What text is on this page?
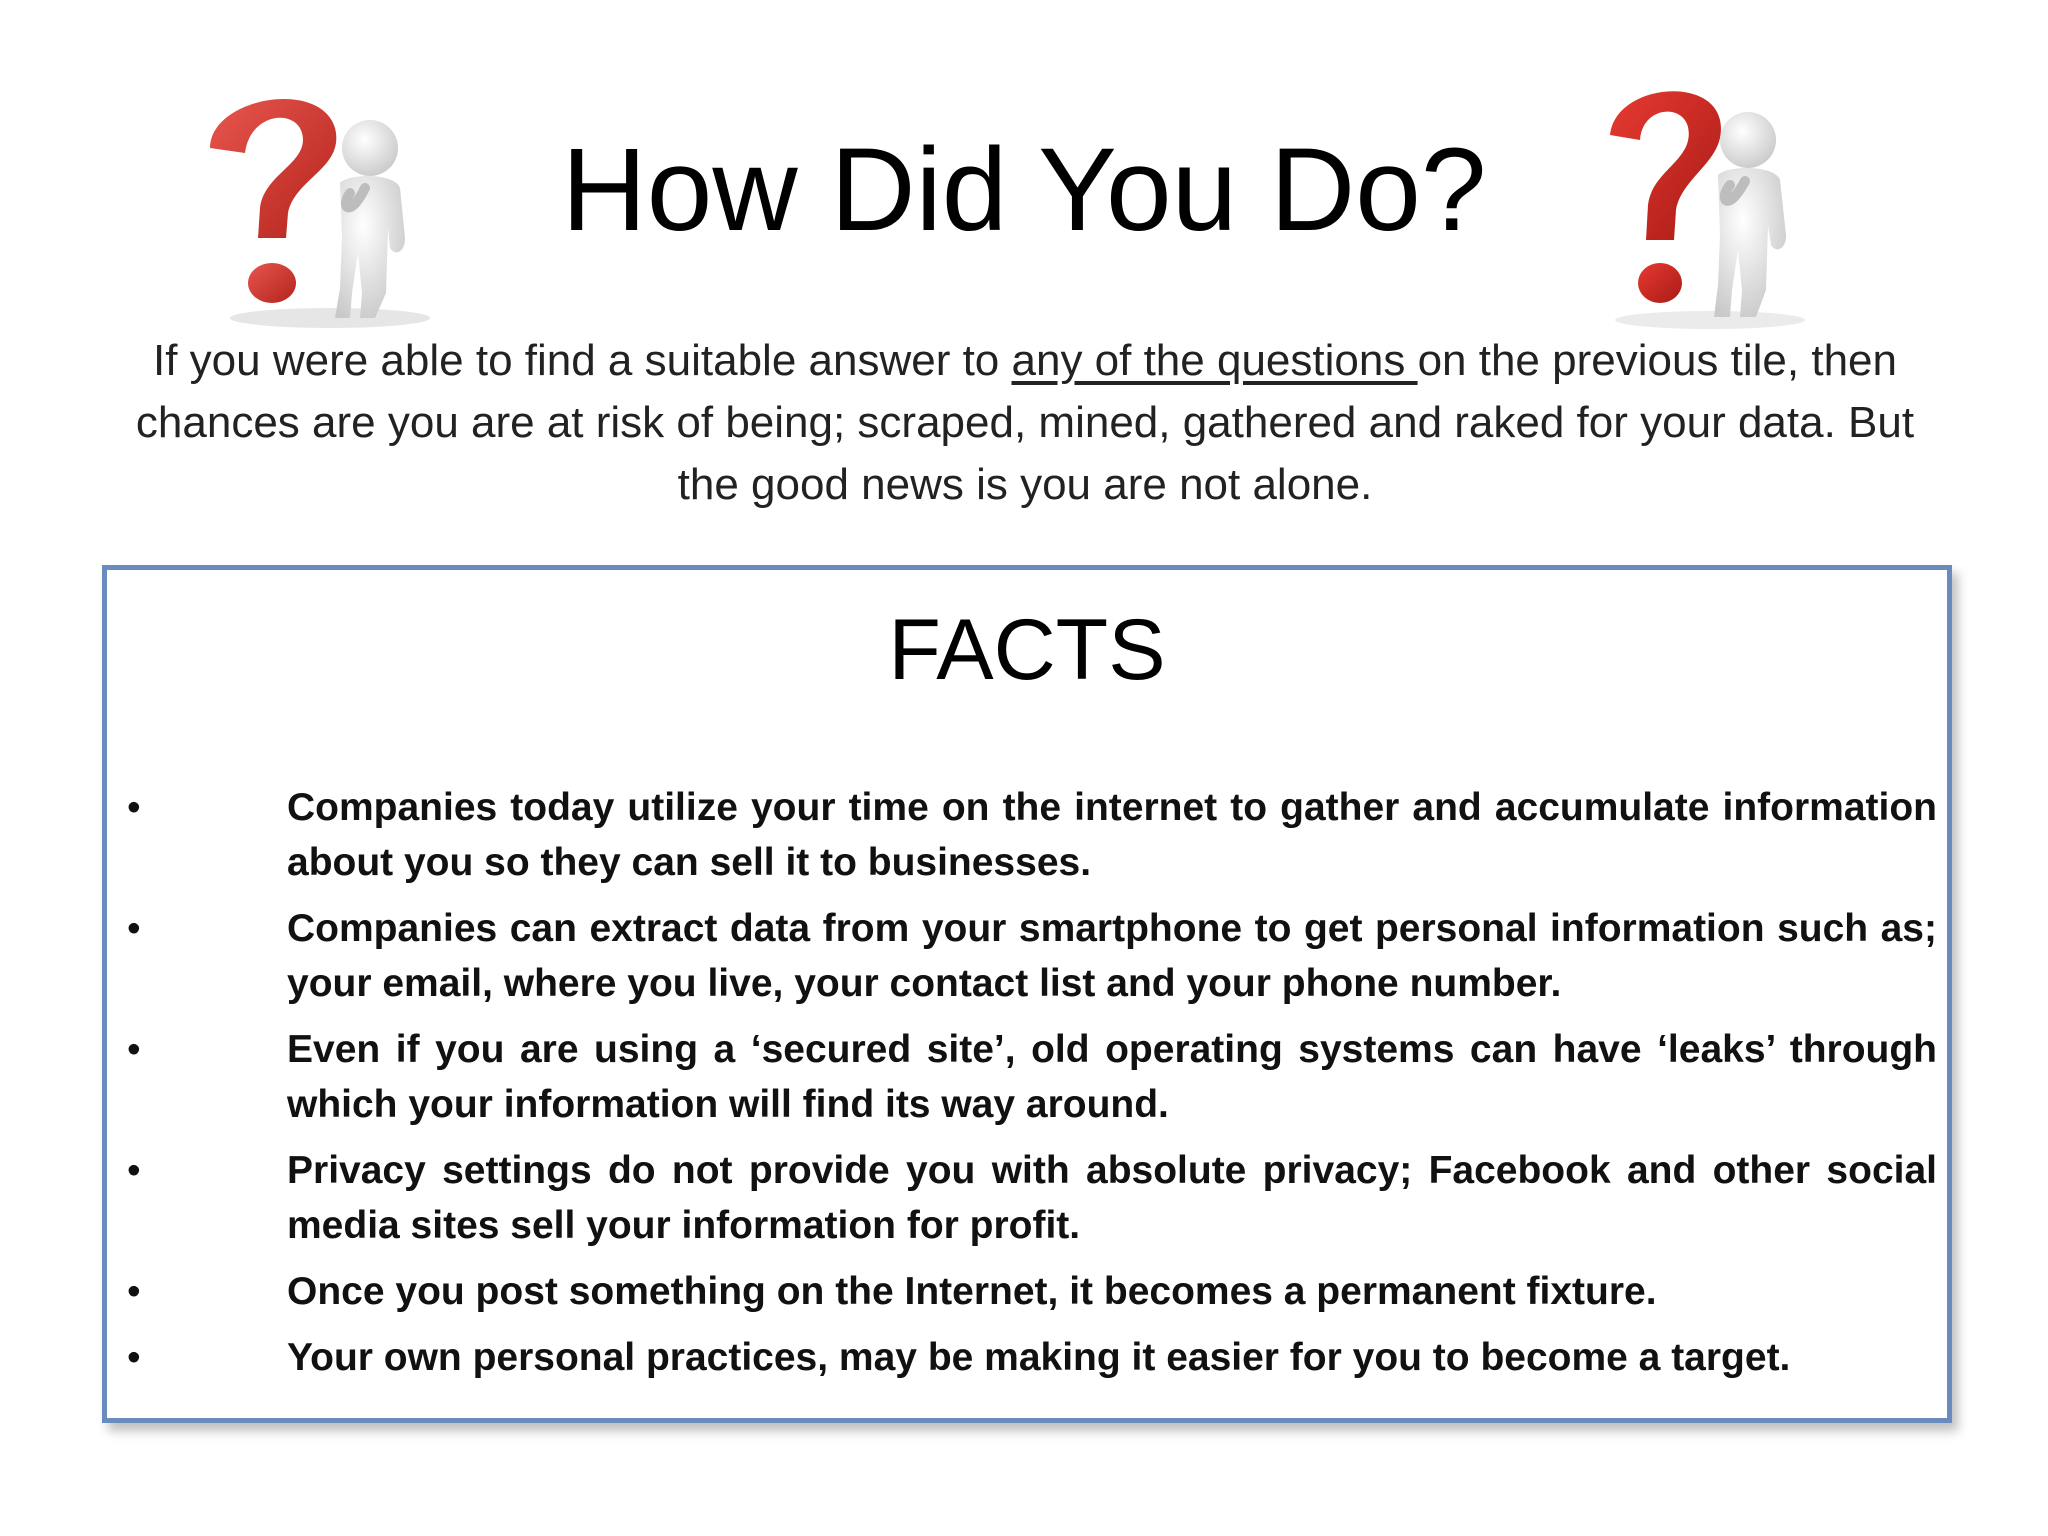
How Did You Do?
If you were able to find a suitable answer to any of the questions on the previous tile, then chances are you are at risk of being; scraped, mined, gathered and raked for your data. But the good news is you are not alone.
FACTS
•	Companies today utilize your time on the internet to gather and accumulate information about you so they can sell it to businesses.
•	Companies can extract data from your smartphone to get personal information such as; your email, where you live, your contact list and your phone number.
•	Even if you are using a ‘secured site’, old operating systems can have ‘leaks’ through which your information will find its way around.
•	Privacy settings do not provide you with absolute privacy; Facebook and other social media sites sell your information for profit.
•	Once you post something on the Internet, it becomes a permanent fixture.
•	Your own personal practices, may be making it easier for you to become a target.
